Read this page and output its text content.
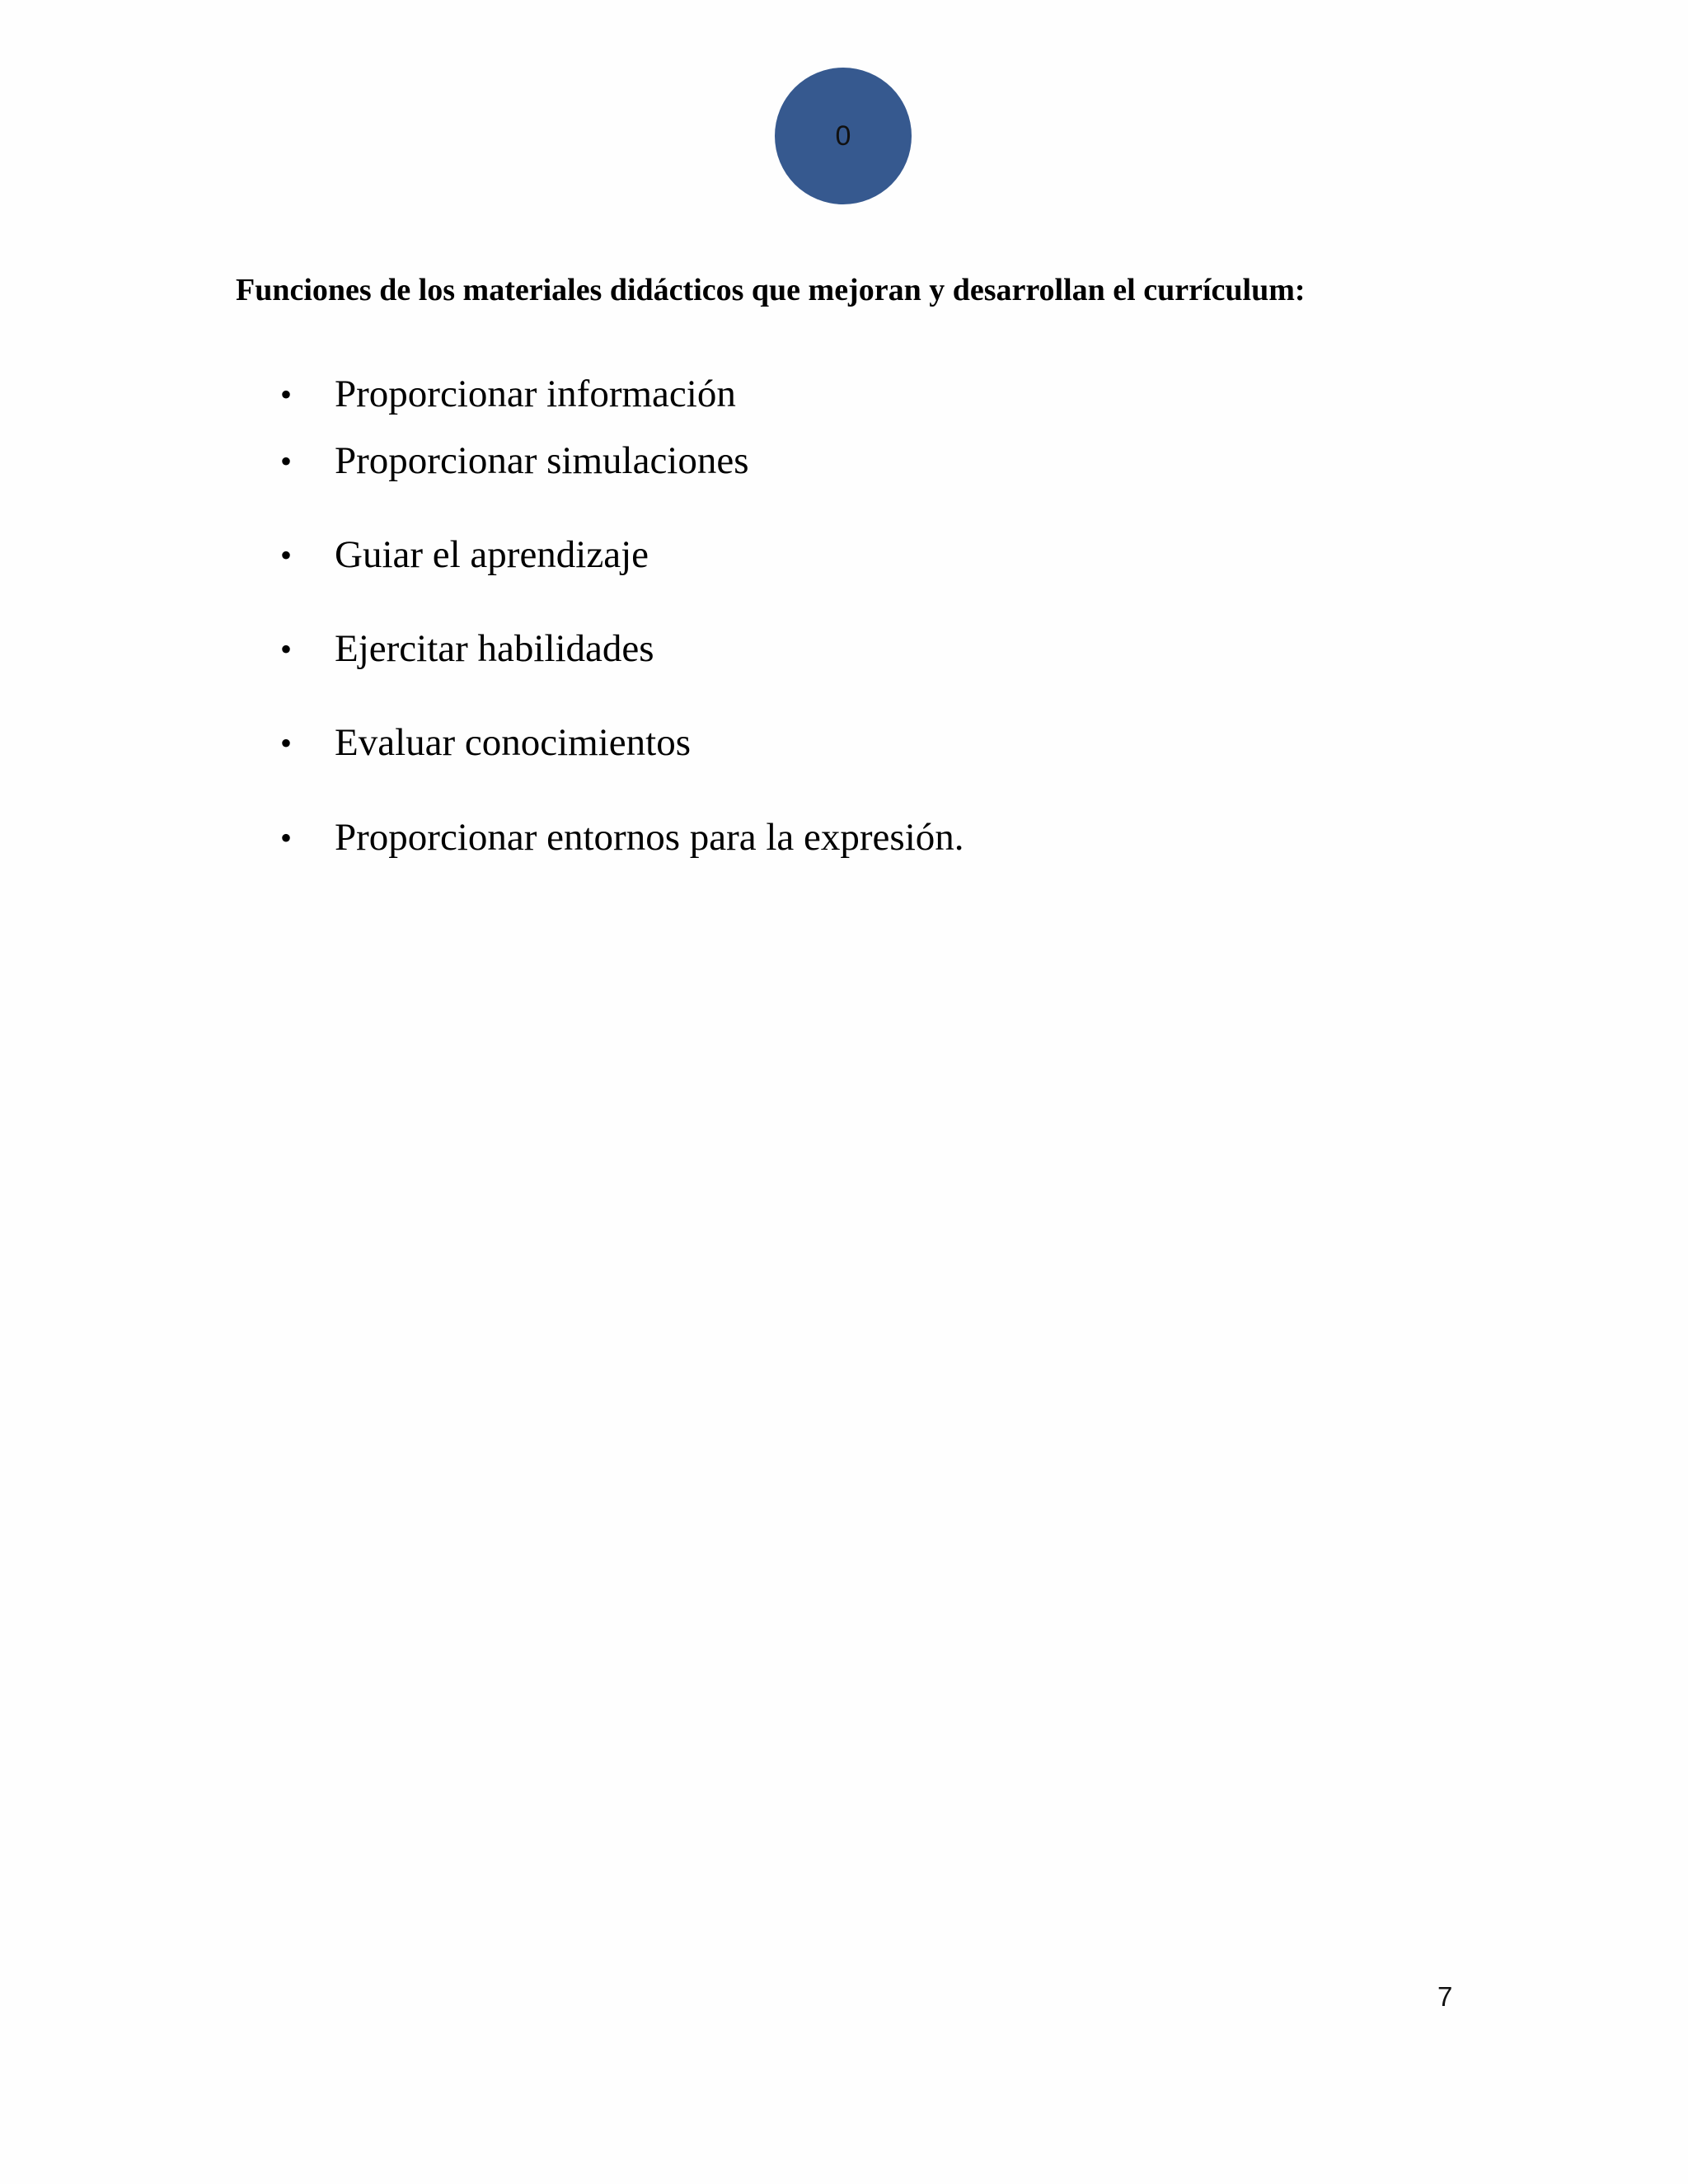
0
Funciones de los materiales didácticos que mejoran y desarrollan el currículum:
•	Proporcionar información
•	Proporcionar simulaciones
•	Guiar el aprendizaje
•	Ejercitar habilidades
•	Evaluar conocimientos
•	Proporcionar entornos para la expresión.
7
